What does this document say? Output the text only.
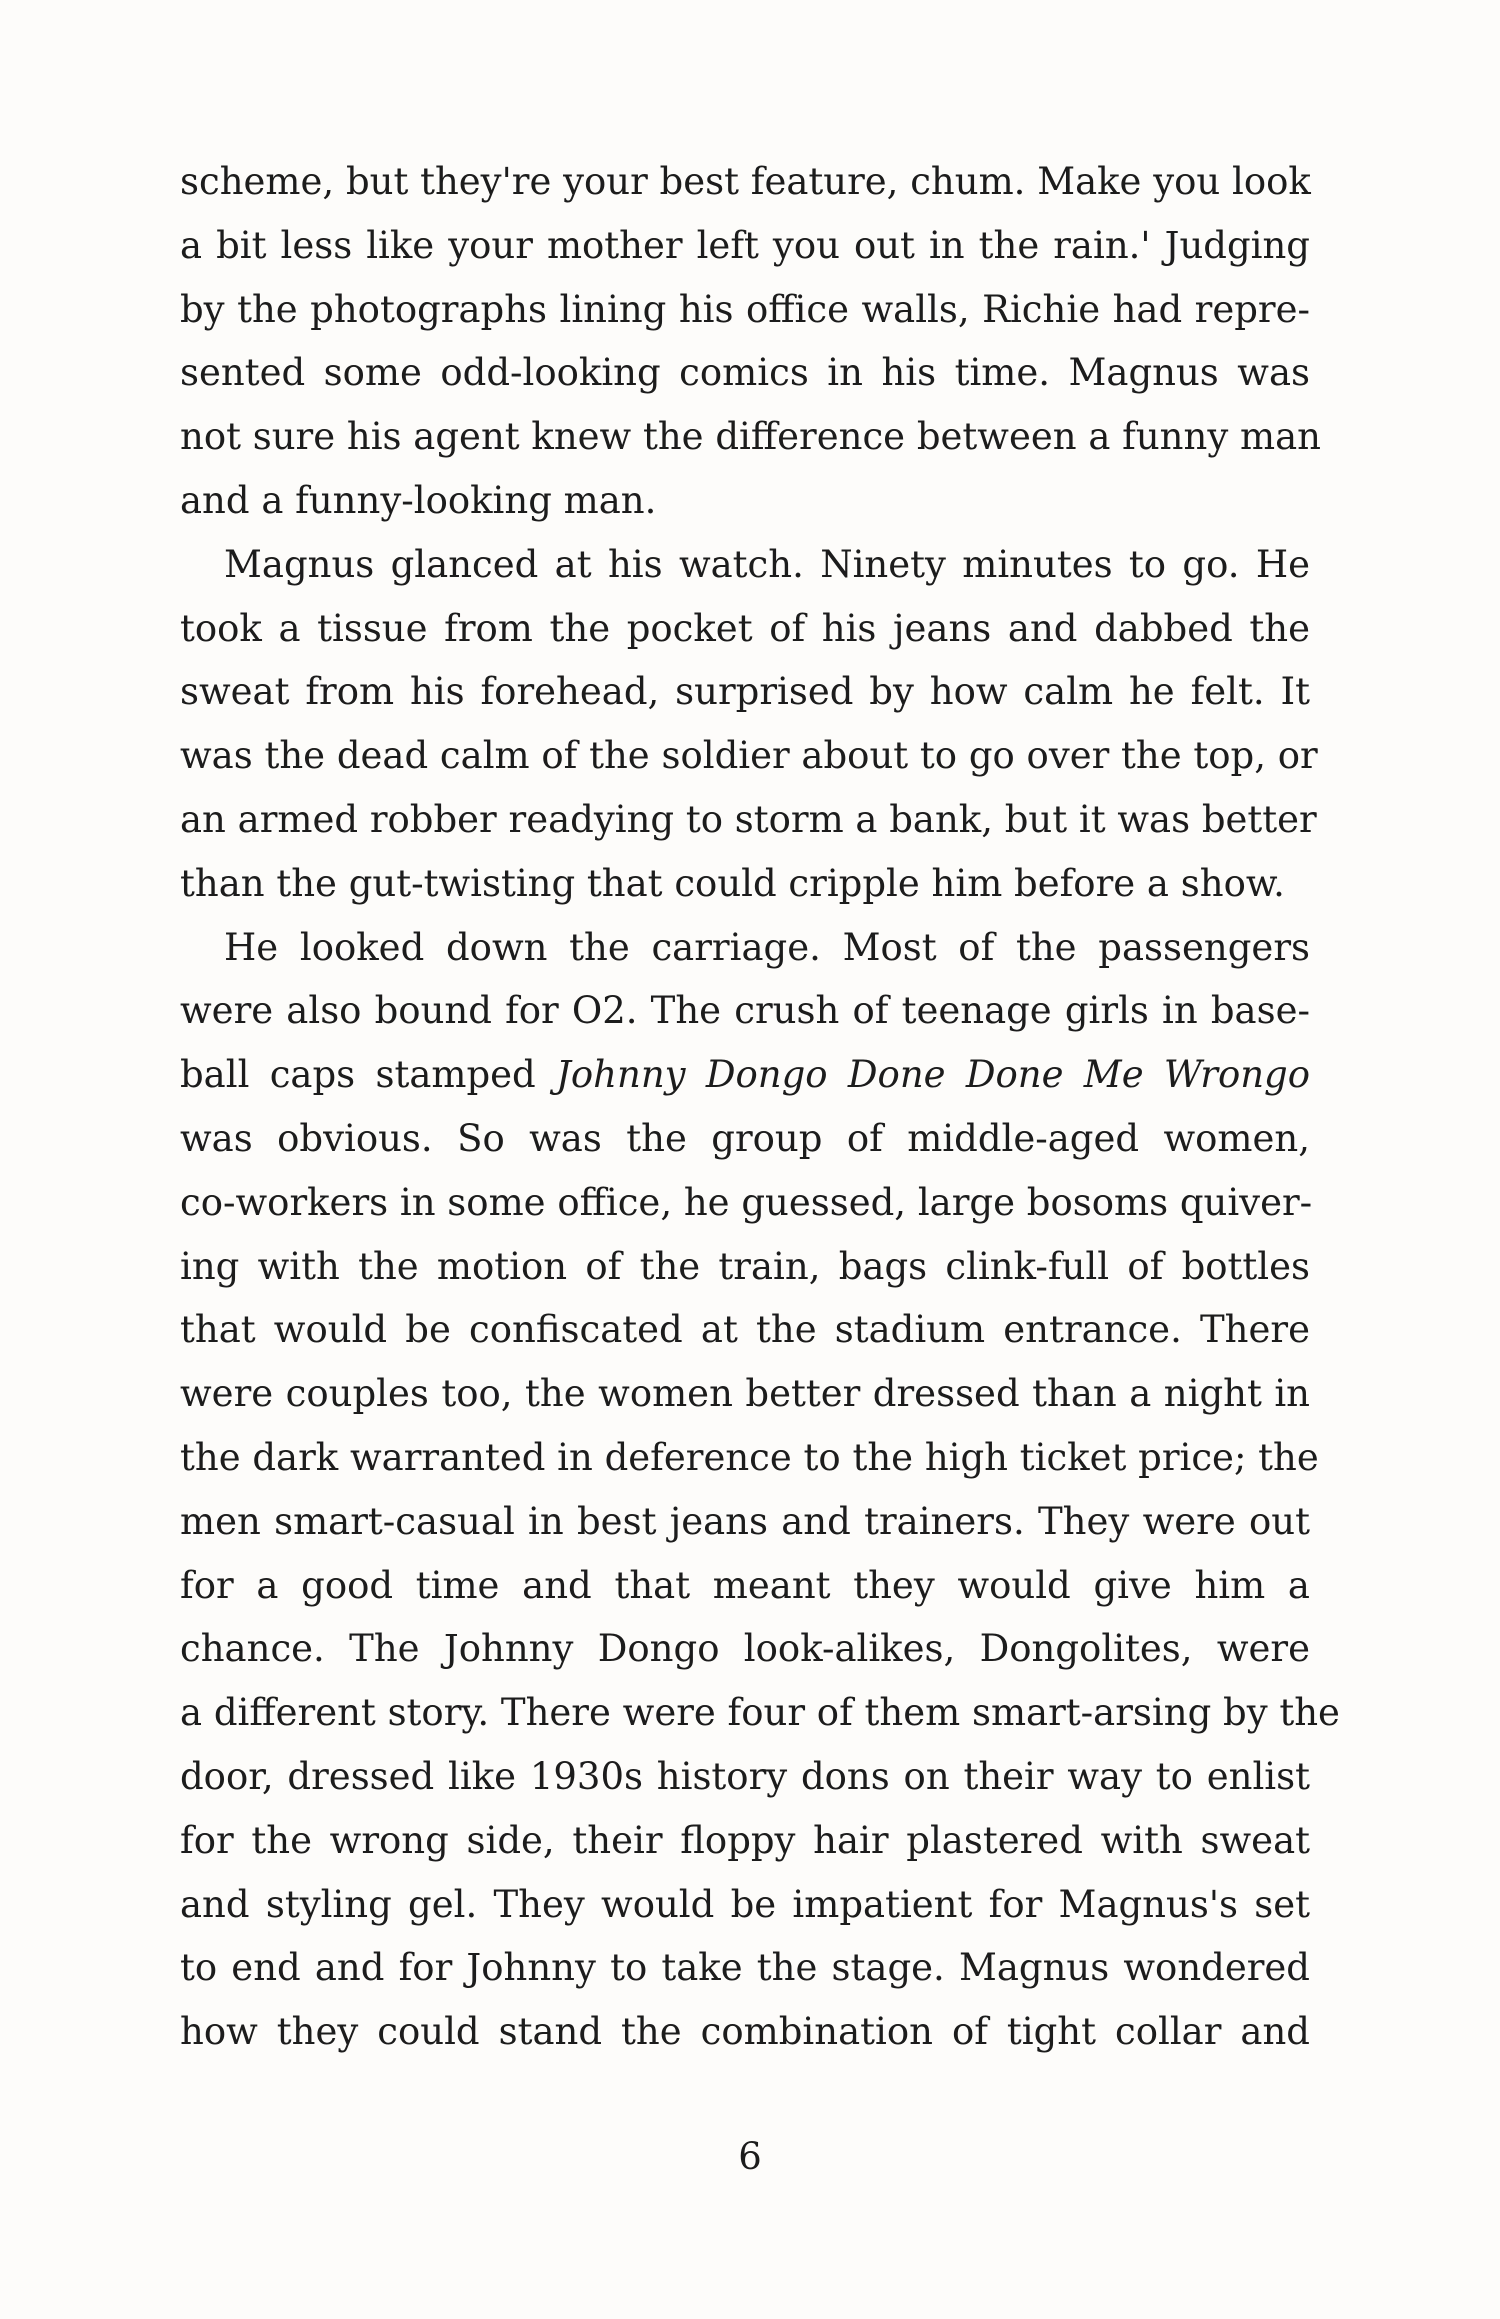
scheme, but they're your best feature, chum. Make you look
a bit less like your mother left you out in the rain.' Judging
by the photographs lining his office walls, Richie had repre-
sented some odd-looking comics in his time. Magnus was
not sure his agent knew the difference between a funny man
and a funny-looking man.

Magnus glanced at his watch. Ninety minutes to go. He
took a tissue from the pocket of his jeans and dabbed the
sweat from his forehead, surprised by how calm he felt. It
was the dead calm of the soldier about to go over the top, or
an armed robber readying to storm a bank, but it was better
than the gut-twisting that could cripple him before a show.

He looked down the carriage. Most of the passengers
were also bound for O2. The crush of teenage girls in base-
ball caps stamped Johnny Dongo Done Done Me Wrongo
was obvious. So was the group of middle-aged women,
co-workers in some office, he guessed, large bosoms quiver-
ing with the motion of the train, bags clink-full of bottles
that would be confiscated at the stadium entrance. There
were couples too, the women better dressed than a night in
the dark warranted in deference to the high ticket price; the
men smart-casual in best jeans and trainers. They were out
for a good time and that meant they would give him a
chance. The Johnny Dongo look-alikes, Dongolites, were
a different story. There were four of them smart-arsing by the
door, dressed like 1930s history dons on their way to enlist
for the wrong side, their floppy hair plastered with sweat
and styling gel. They would be impatient for Magnus's set
to end and for Johnny to take the stage. Magnus wondered
how they could stand the combination of tight collar and

6
